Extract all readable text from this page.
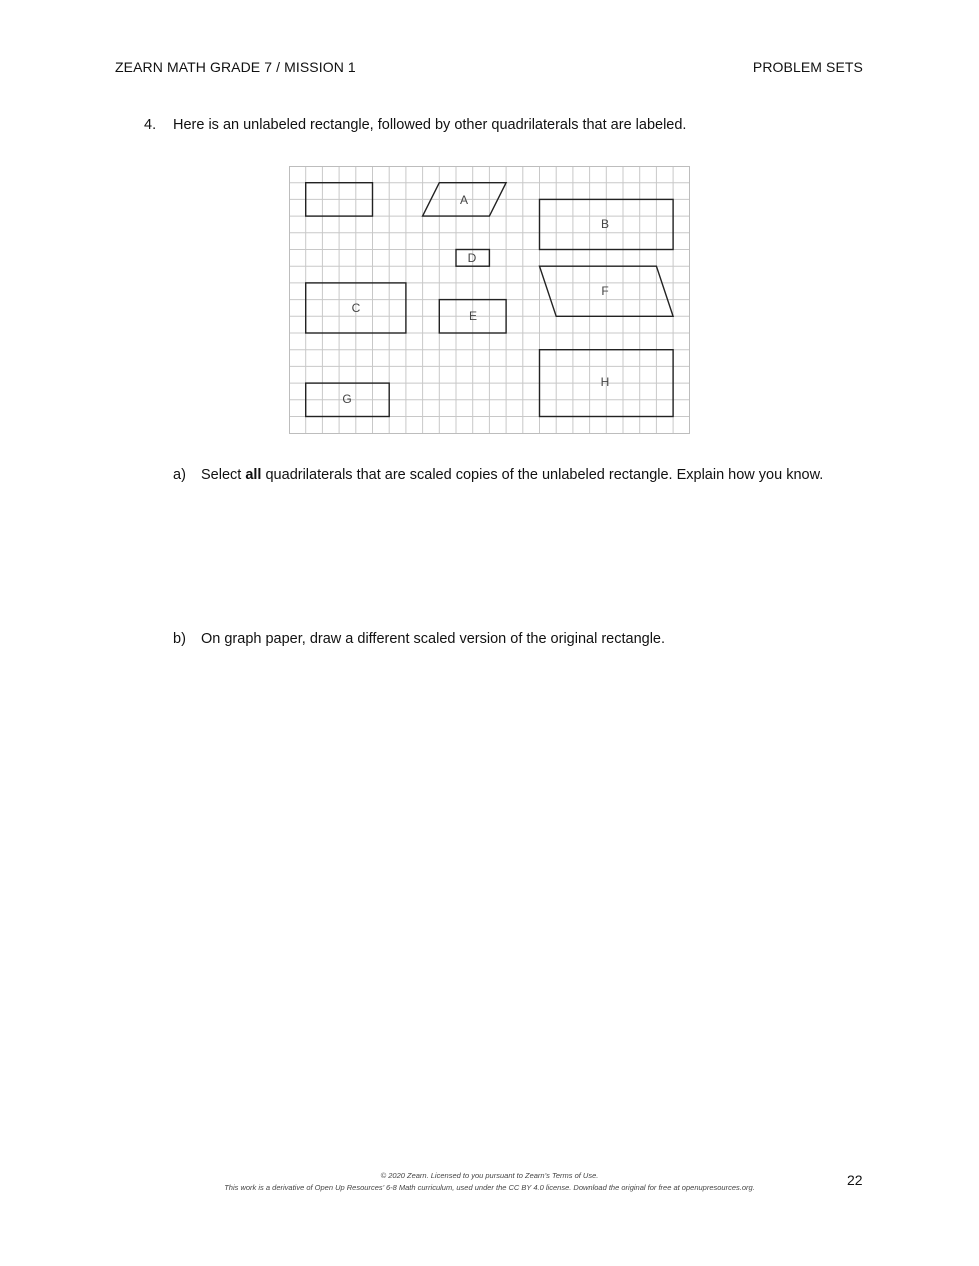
ZEARN MATH GRADE 7 / MISSION 1	PROBLEM SETS
4. Here is an unlabeled rectangle, followed by other quadrilaterals that are labeled.
A
B
D
F
C
E
H
G
a) Select all quadrilaterals that are scaled copies of the unlabeled rectangle. Explain how you know.
b) On graph paper, draw a different scaled version of the original rectangle.
© 2020 Zearn. Licensed to you pursuant to Zearn’s Terms of Use.
This work is a derivative of Open Up Resources’ 6-8 Math curriculum, used under the CC BY 4.0 license. Download the original for free at openupresources.org.	22
